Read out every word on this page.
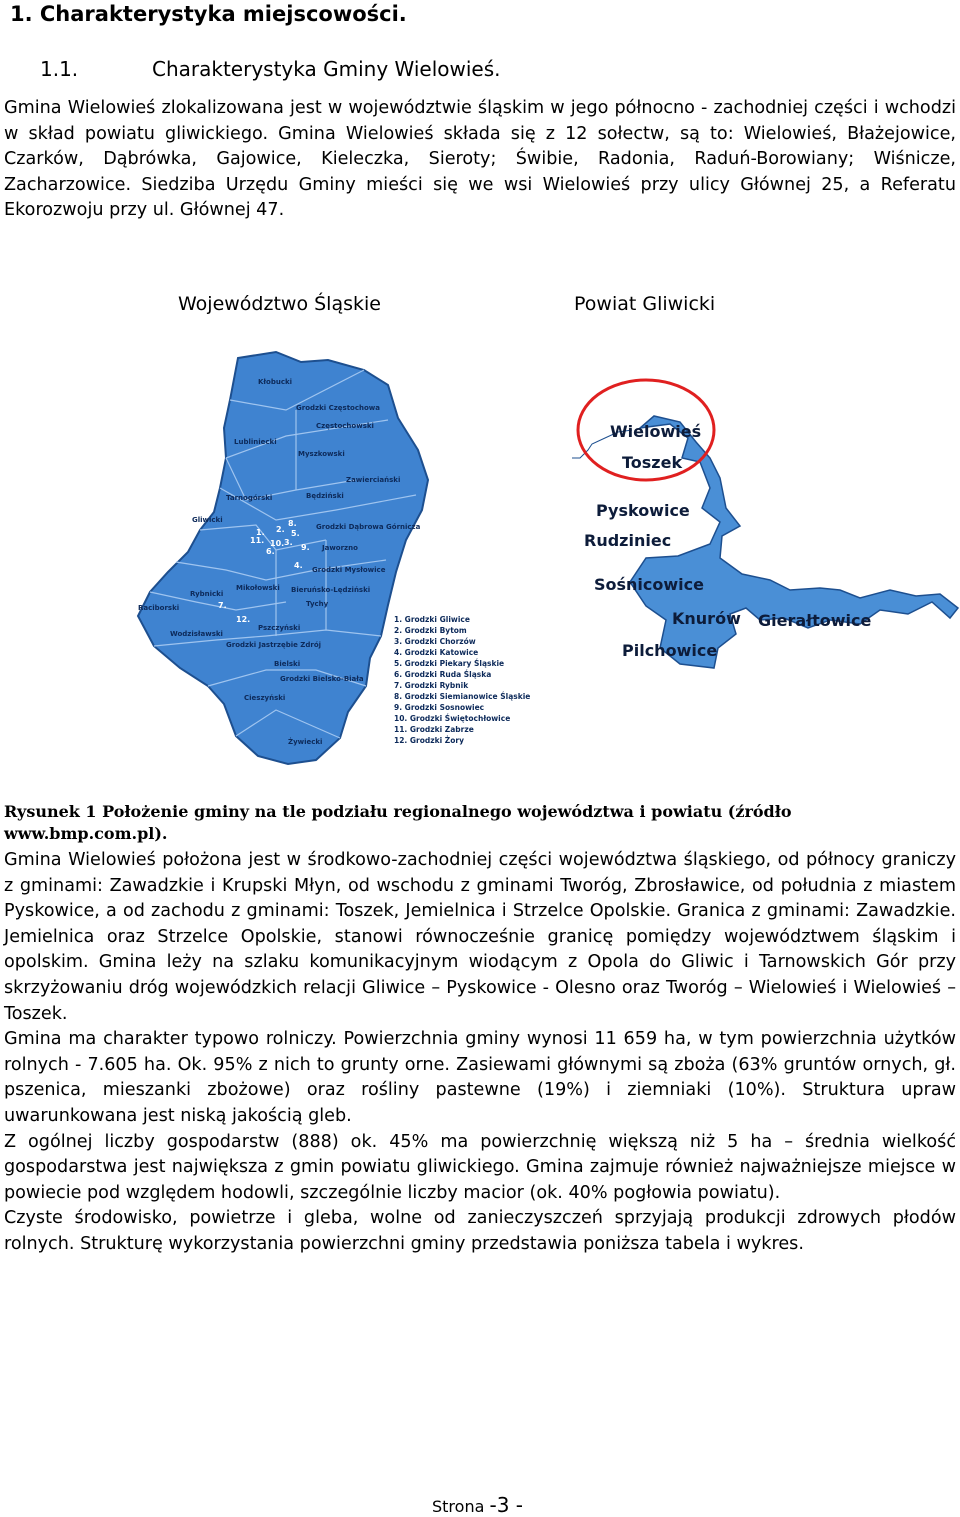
1. Charakterystyka miejscowości.
1.1.	Charakterystyka Gminy Wielowieś.

Gmina Wielowieś zlokalizowana jest w województwie śląskim w jego północno - zachodniej części i wchodzi w skład powiatu gliwickiego. Gmina Wielowieś składa się z 12 sołectw, są to: Wielowieś, Błażejowice, Czarków, Dąbrówka, Gajowice, Kieleczka, Sieroty; Świbie, Radonia, Raduń-Borowiany; Wiśnicze, Zacharzowice. Siedziba Urzędu Gminy mieści się we wsi Wielowieś przy ulicy Głównej 25, a Referatu Ekorozwoju przy ul. Głównej 47.

Województwo Śląskie	Powiat Gliwicki
Kłobucki
Grodzki Częstochowa
Częstochowski
Lubliniecki
Myszkowski
Zawierciański
Tarnogórski	Będziński
Gliwicki
Grodzki Dąbrowa Górnicza
Jaworzno
Grodzki Mysłowice
Raciborski
Rybnicki
Mikołowski Bieruńsko-Lędziński
Tychy
Wodzisławski
Pszczyński
Grodzki Jastrzębie Zdrój
Bielski
Grodzki Bielsko-Biała
Cieszyński
Żywiecki
1. 2.
3.
4.
5.
6.
7.
8.
9.
10.
11.
12.	1. Grodzki Gliwice
2. Grodzki Bytom
3. Grodzki Chorzów
4. Grodzki Katowice
5. Grodzki Piekary Śląskie
6. Grodzki Ruda Śląska
7. Grodzki Rybnik
8. Grodzki Siemianowice Śląskie
9. Grodzki Sosnowiec
10. Grodzki Świętochłowice
11. Grodzki Zabrze
12. Grodzki Żory
Wielowieś
Toszek
Pyskowice
Rudziniec
Sośnicowice
Knurów Gierałtowice
Pilchowice
Rysunek 1 Położenie gminy na tle podziału regionalnego województwa i powiatu (źródło www.bmp.com.pl).

Gmina Wielowieś położona jest w środkowo-zachodniej części województwa śląskiego, od północy graniczy z gminami: Zawadzkie i Krupski Młyn, od wschodu z gminami Tworóg, Zbrosławice, od południa z miastem Pyskowice, a od zachodu z gminami: Toszek, Jemielnica i Strzelce Opolskie. Granica z gminami: Zawadzkie. Jemielnica oraz Strzelce Opolskie, stanowi równocześnie granicę pomiędzy województwem śląskim i opolskim. Gmina leży na szlaku komunikacyjnym wiodącym z Opola do Gliwic i Tarnowskich Gór przy skrzyżowaniu dróg wojewódzkich relacji Gliwice – Pyskowice - Olesno oraz Tworóg – Wielowieś i Wielowieś – Toszek.

Gmina ma charakter typowo rolniczy. Powierzchnia gminy wynosi 11 659 ha, w tym powierzchnia użytków rolnych - 7.605 ha. Ok. 95% z nich to grunty orne. Zasiewami głównymi są zboża (63% gruntów ornych, gł. pszenica, mieszanki zbożowe) oraz rośliny pastewne (19%) i ziemniaki (10%). Struktura upraw uwarunkowana jest niską jakością gleb.

Z ogólnej liczby gospodarstw (888) ok. 45% ma powierzchnię większą niż 5 ha – średnia wielkość gospodarstwa jest największa z gmin powiatu gliwickiego. Gmina zajmuje również najważniejsze miejsce w powiecie pod względem hodowli, szczególnie liczby macior (ok. 40% pogłowia powiatu).

Czyste środowisko, powietrze i gleba, wolne od zanieczyszczeń sprzyjają produkcji zdrowych płodów rolnych. Strukturę wykorzystania powierzchni gminy przedstawia poniższa tabela i wykres.

Strona -3 -
